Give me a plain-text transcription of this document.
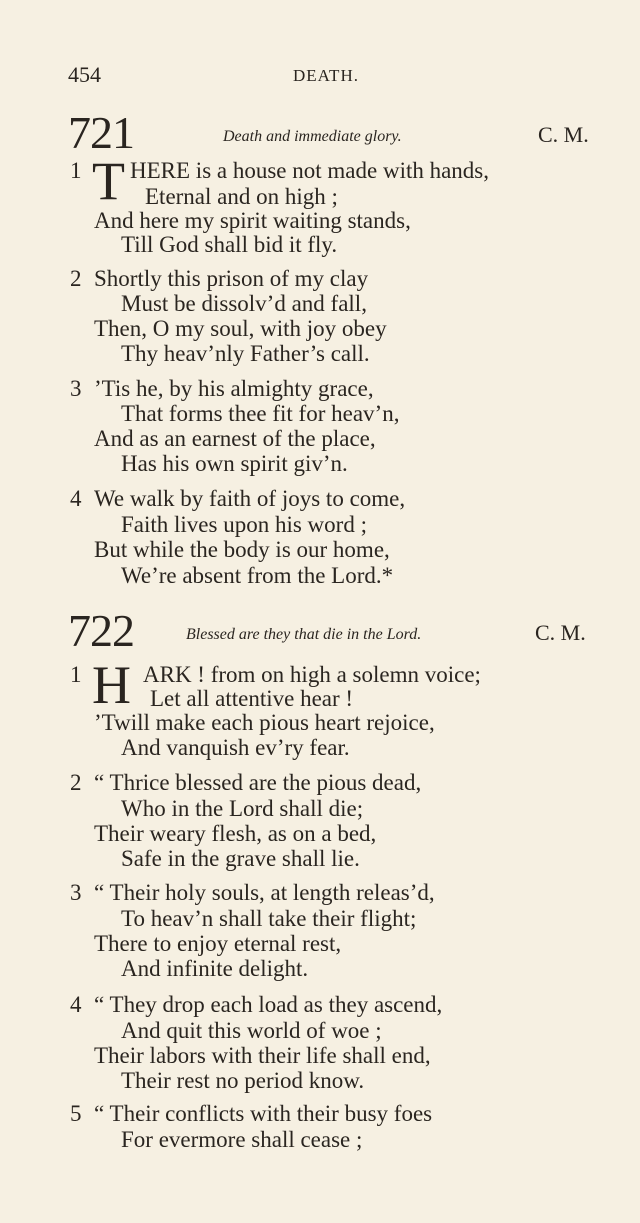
454	DEATH.
721	Death and immediate glory.	C. M.
1 T HERE is a house not made with hands,
Eternal and on high ;
And here my spirit waiting stands,
Till God shall bid it fly.
2 Shortly this prison of my clay
Must be dissolv’d and fall,
Then, O my soul, with joy obey
Thy heav’nly Father’s call.
3 ’Tis he, by his almighty grace,
That forms thee fit for heav’n,
And as an earnest of the place,
Has his own spirit giv’n.
4 We walk by faith of joys to come,
Faith lives upon his word ;
But while the body is our home,
We’re absent from the Lord.*
722	Blessed are they that die in the Lord.	C. M.
1 H ARK ! from on high a solemn voice;
Let all attentive hear !
’Twill make each pious heart rejoice,
And vanquish ev’ry fear.
2 “ Thrice blessed are the pious dead,
Who in the Lord shall die;
Their weary flesh, as on a bed,
Safe in the grave shall lie.
3 “ Their holy souls, at length releas’d,
To heav’n shall take their flight;
There to enjoy eternal rest,
And infinite delight.
4 “ They drop each load as they ascend,
And quit this world of woe ;
Their labors with their life shall end,
Their rest no period know.
5 “ Their conflicts with their busy foes
For evermore shall cease ;
